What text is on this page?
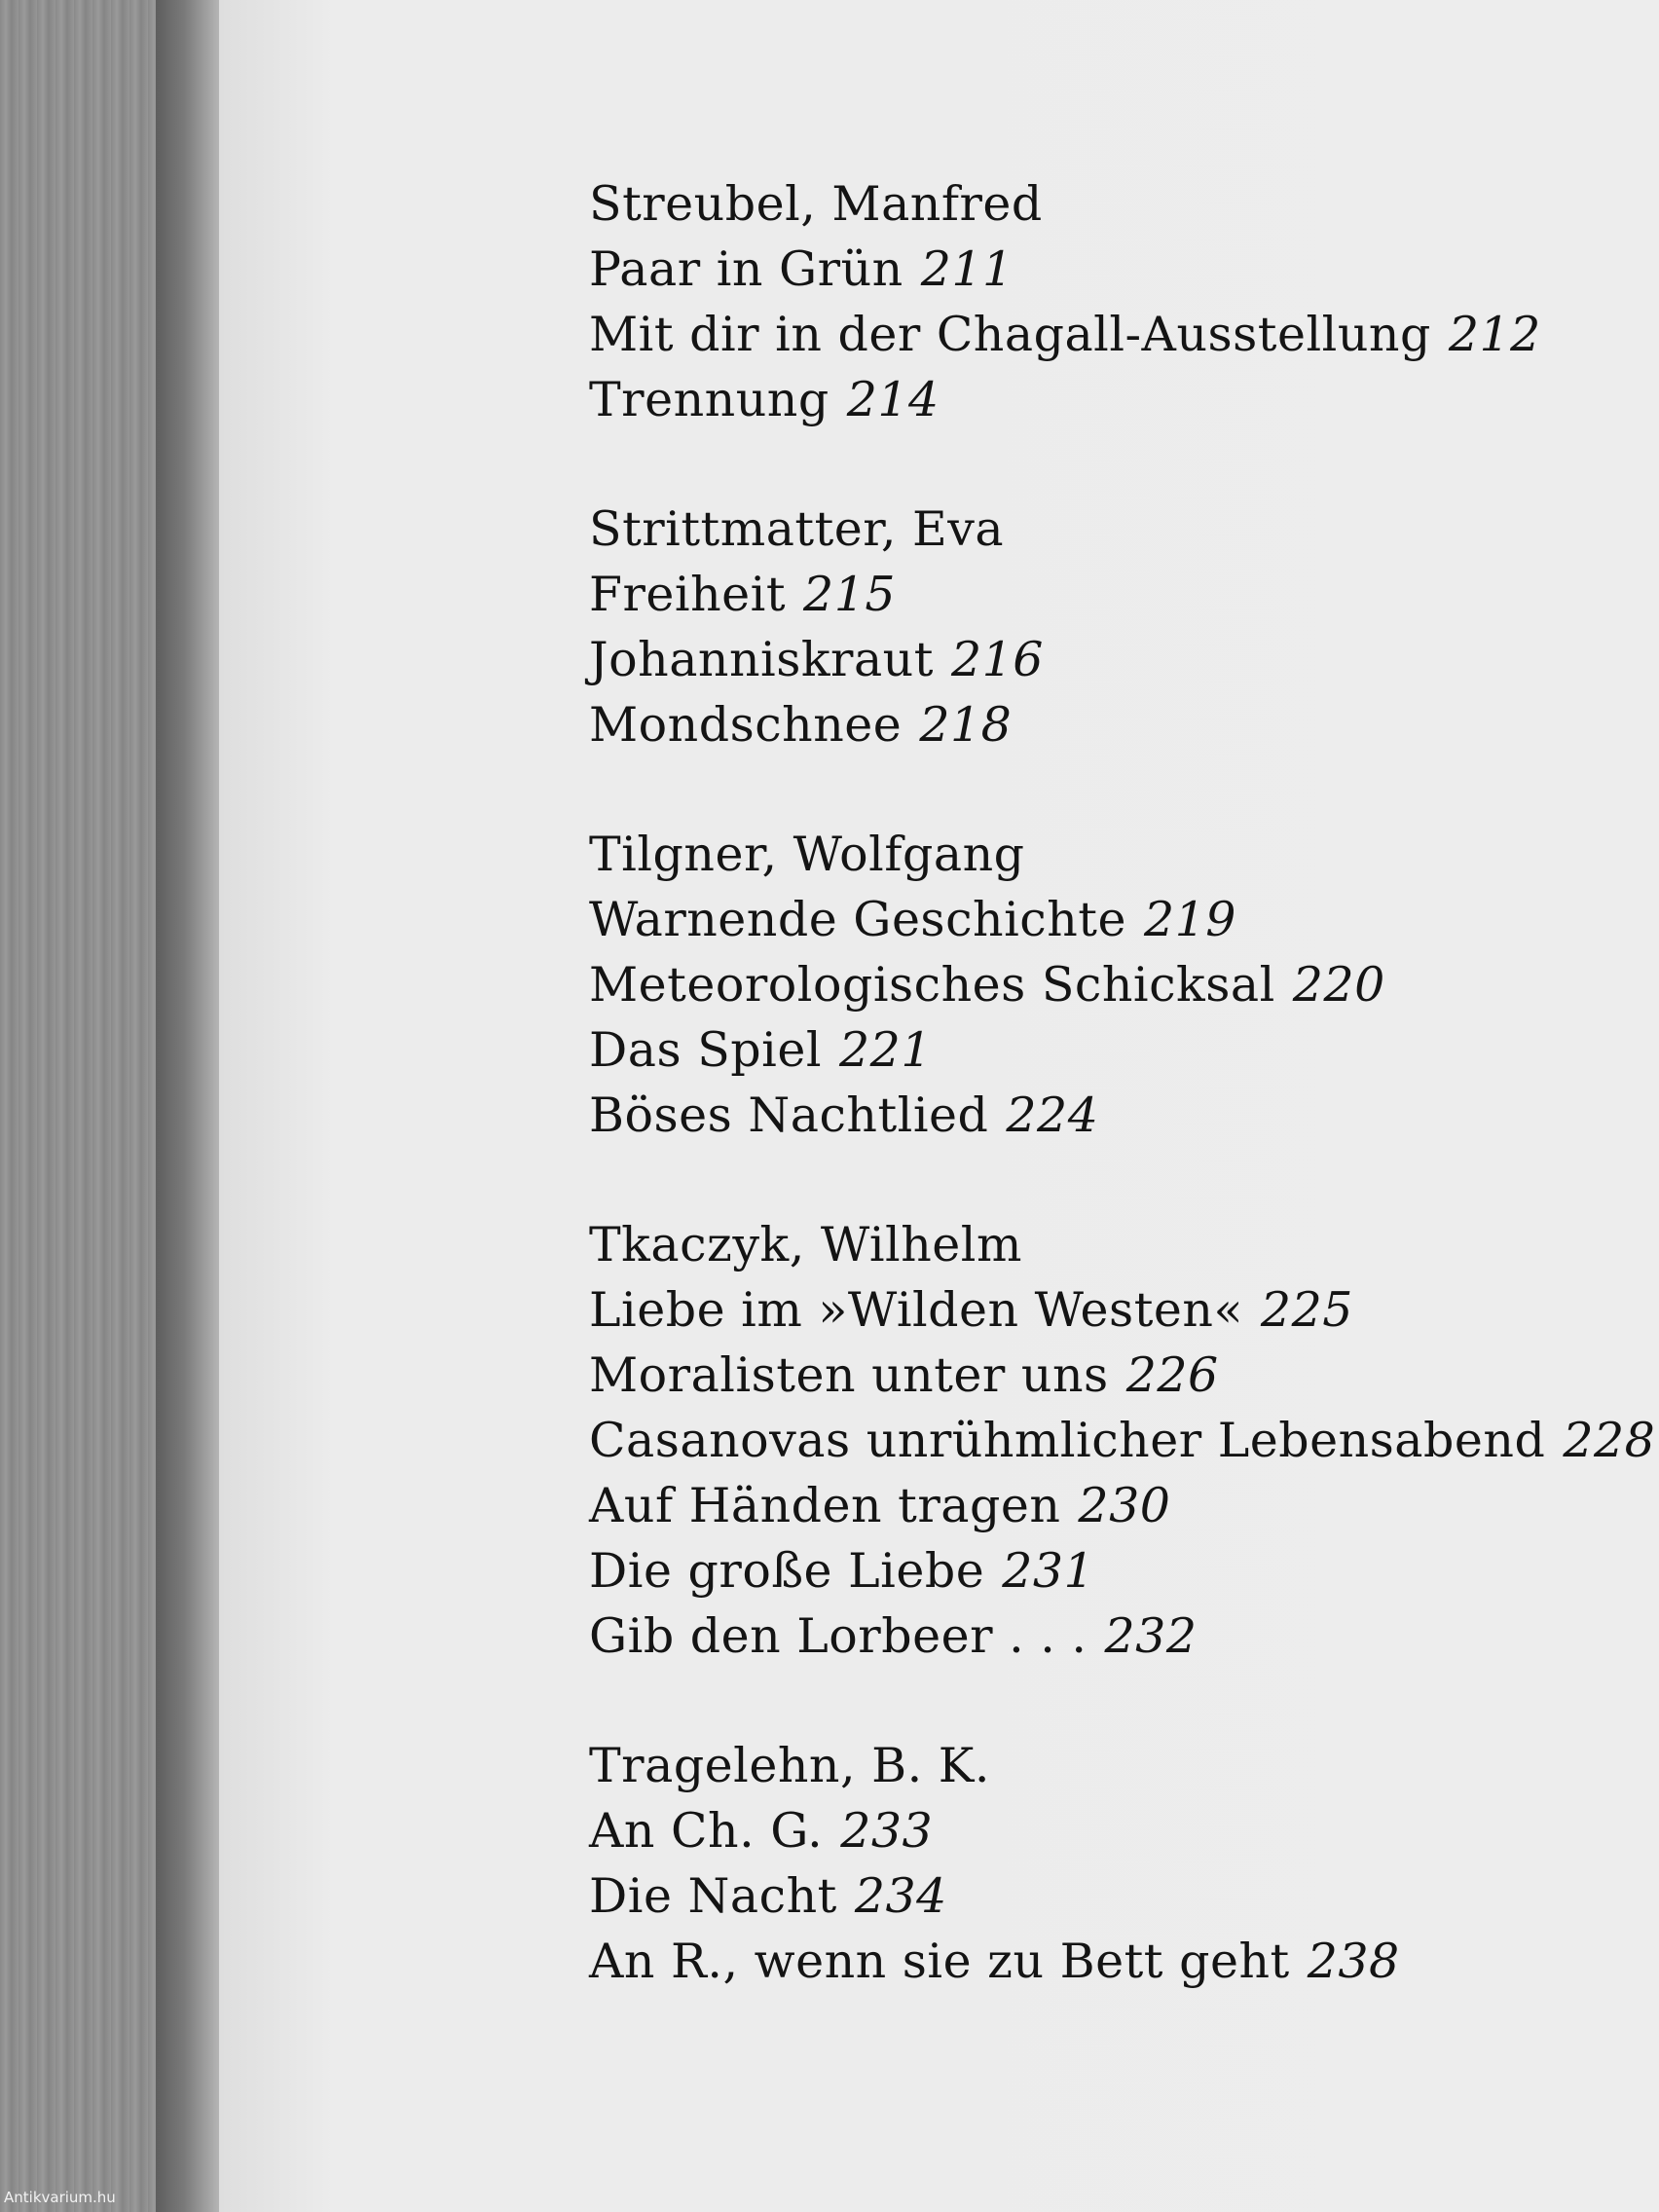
Streubel, Manfred
Paar in Grün 211
Mit dir in der Chagall-Ausstellung 212
Trennung 214
Strittmatter, Eva
Freiheit 215
Johanniskraut 216
Mondschnee 218
Tilgner, Wolfgang
Warnende Geschichte 219
Meteorologisches Schicksal 220
Das Spiel 221
Böses Nachtlied 224
Tkaczyk, Wilhelm
Liebe im »Wilden Westen« 225
Moralisten unter uns 226
Casanovas unrühmlicher Lebensabend 228
Auf Händen tragen 230
Die große Liebe 231
Gib den Lorbeer . . . 232
Tragelehn, B. K.
An Ch. G. 233
Die Nacht 234
An R., wenn sie zu Bett geht 238
Antikvarium.hu
